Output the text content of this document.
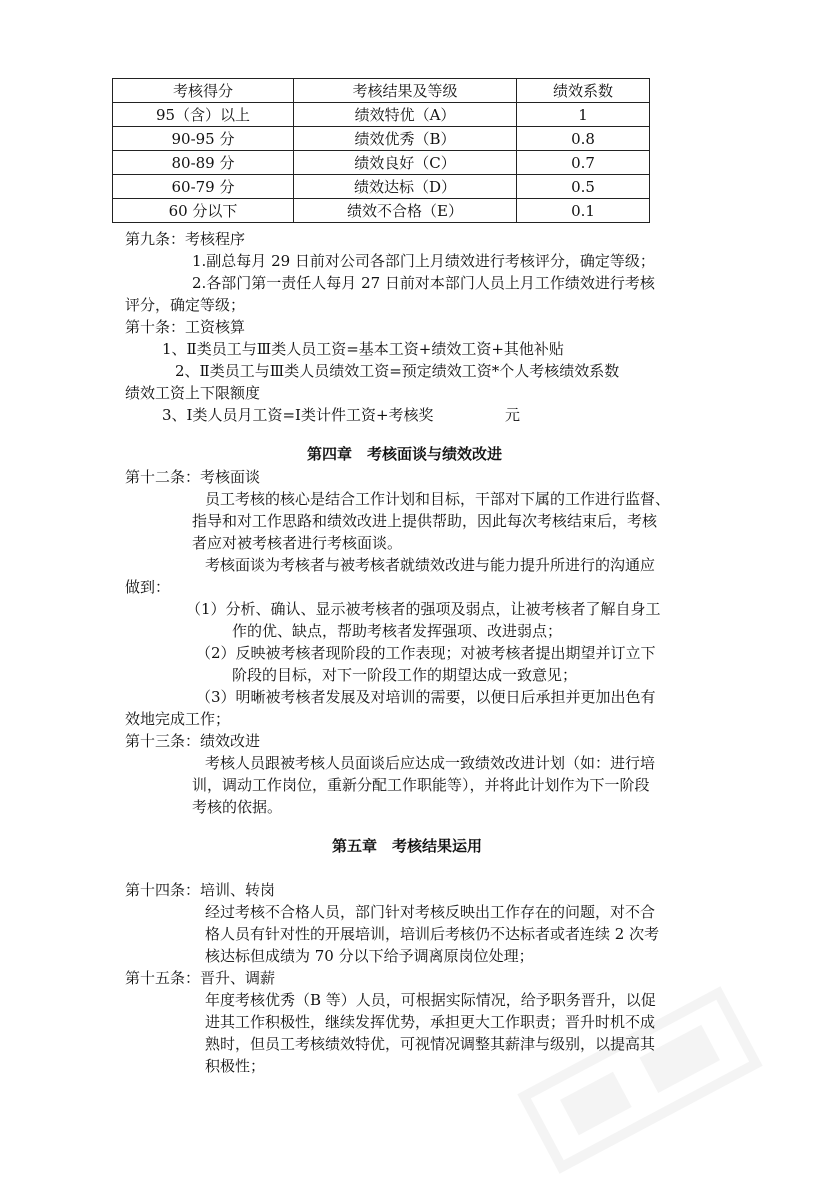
考核得分	考核结果及等级	绩效系数
95（含）以上	绩效特优（A）	1
90-95 分	绩效优秀（B）	0.8
80-89 分	绩效良好（C）	0.7
60-79 分	绩效达标（D）	0.5
60 分以下	绩效不合格（E）	0.1
第九条：考核程序
1.副总每月 29 日前对公司各部门上月绩效进行考核评分，确定等级；
2.各部门第一责任人每月 27 日前对本部门人员上月工作绩效进行考核
评分，确定等级；
第十条：工资核算
1、Ⅱ类员工与Ⅲ类人员工资=基本工资+绩效工资+其他补贴
2、Ⅱ类员工与Ⅲ类人员绩效工资=预定绩效工资*个人考核绩效系数
绩效工资上下限额度
3、Ⅰ类人员月工资=Ⅰ类计件工资+考核奖	元
第四章　考核面谈与绩效改进
第十二条：考核面谈
员工考核的核心是结合工作计划和目标，干部对下属的工作进行监督、
指导和对工作思路和绩效改进上提供帮助，因此每次考核结束后，考核
者应对被考核者进行考核面谈。
考核面谈为考核者与被考核者就绩效改进与能力提升所进行的沟通应
做到：
（1）分析、确认、显示被考核者的强项及弱点，让被考核者了解自身工
作的优、缺点，帮助考核者发挥强项、改进弱点；
（2）反映被考核者现阶段的工作表现；对被考核者提出期望并订立下
阶段的目标，对下一阶段工作的期望达成一致意见；
（3）明晰被考核者发展及对培训的需要，以便日后承担并更加出色有
效地完成工作；
第十三条：绩效改进
考核人员跟被考核人员面谈后应达成一致绩效改进计划（如：进行培
训，调动工作岗位，重新分配工作职能等），并将此计划作为下一阶段
考核的依据。
第五章　考核结果运用
第十四条：培训、转岗
经过考核不合格人员，部门针对考核反映出工作存在的问题，对不合
格人员有针对性的开展培训，培训后考核仍不达标者或者连续 2 次考
核达标但成绩为 70 分以下给予调离原岗位处理；
第十五条：晋升、调薪
年度考核优秀（B 等）人员，可根据实际情况，给予职务晋升，以促
进其工作积极性，继续发挥优势，承担更大工作职责；晋升时机不成
熟时，但员工考核绩效特优，可视情况调整其薪津与级别，以提高其
积极性；
